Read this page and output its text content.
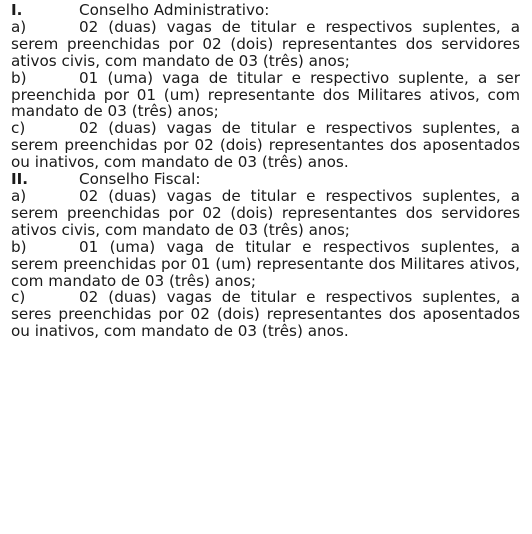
I.	Conselho Administrativo:
a)	02 (duas) vagas de titular e respectivos suplentes, a serem preenchidas por 02 (dois) representantes dos servidores ativos civis, com mandato de 03 (três) anos;
b)	01 (uma) vaga de titular e respectivo suplente, a ser preenchida por 01 (um) representante dos Militares ativos, com mandato de 03 (três) anos;
c)	02 (duas) vagas de titular e respectivos suplentes, a serem preenchidas por 02 (dois) representantes dos aposentados ou inativos, com mandato de 03 (três) anos.
II.	Conselho Fiscal:
a)	02 (duas) vagas de titular e respectivos suplentes, a serem preenchidas por 02 (dois) representantes dos servidores ativos civis, com mandato de 03 (três) anos;
b)	01 (uma) vaga de titular e respectivos suplentes, a serem preenchidas por 01 (um) representante dos Militares ativos, com mandato de 03 (três) anos;
c)	02 (duas) vagas de titular e respectivos suplentes, a seres preenchidas por 02 (dois) representantes dos aposentados ou inativos, com mandato de 03 (três) anos.
